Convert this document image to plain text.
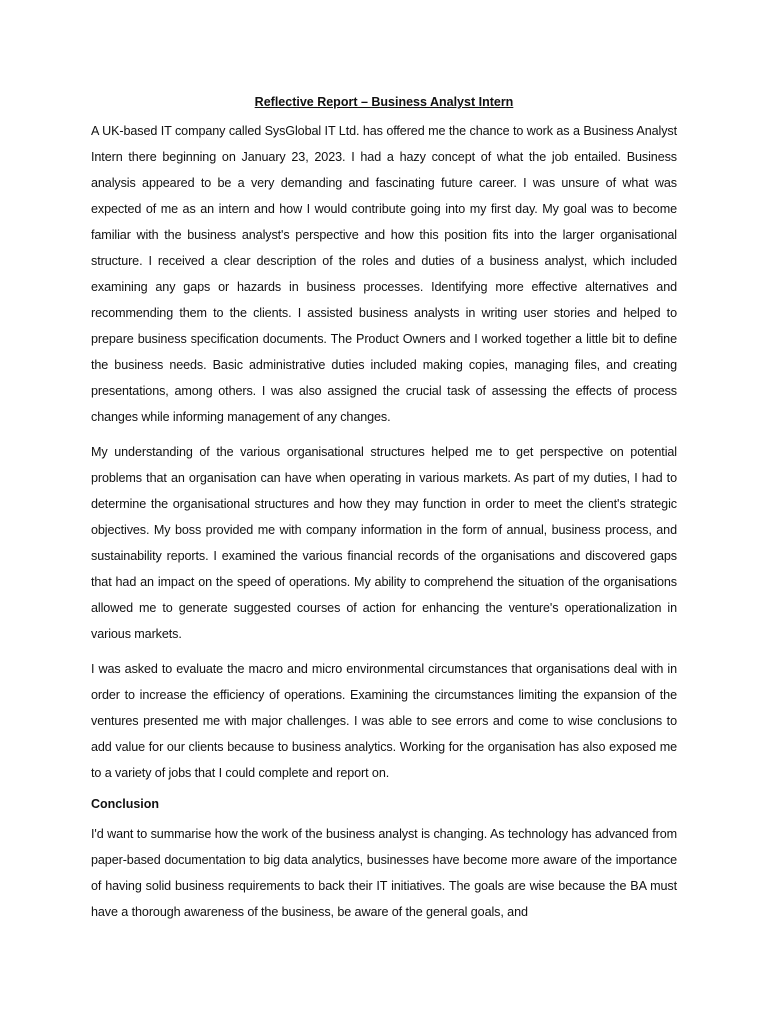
Reflective Report – Business Analyst Intern

A UK-based IT company called SysGlobal IT Ltd. has offered me the chance to work as a Business Analyst Intern there beginning on January 23, 2023. I had a hazy concept of what the job entailed. Business analysis appeared to be a very demanding and fascinating future career. I was unsure of what was expected of me as an intern and how I would contribute going into my first day. My goal was to become familiar with the business analyst's perspective and how this position fits into the larger organisational structure. I received a clear description of the roles and duties of a business analyst, which included examining any gaps or hazards in business processes. Identifying more effective alternatives and recommending them to the clients. I assisted business analysts in writing user stories and helped to prepare business specification documents. The Product Owners and I worked together a little bit to define the business needs. Basic administrative duties included making copies, managing files, and creating presentations, among others. I was also assigned the crucial task of assessing the effects of process changes while informing management of any changes.

My understanding of the various organisational structures helped me to get perspective on potential problems that an organisation can have when operating in various markets. As part of my duties, I had to determine the organisational structures and how they may function in order to meet the client's strategic objectives. My boss provided me with company information in the form of annual, business process, and sustainability reports. I examined the various financial records of the organisations and discovered gaps that had an impact on the speed of operations. My ability to comprehend the situation of the organisations allowed me to generate suggested courses of action for enhancing the venture's operationalization in various markets.

I was asked to evaluate the macro and micro environmental circumstances that organisations deal with in order to increase the efficiency of operations. Examining the circumstances limiting the expansion of the ventures presented me with major challenges. I was able to see errors and come to wise conclusions to add value for our clients because to business analytics. Working for the organisation has also exposed me to a variety of jobs that I could complete and report on.

Conclusion

I'd want to summarise how the work of the business analyst is changing. As technology has advanced from paper-based documentation to big data analytics, businesses have become more aware of the importance of having solid business requirements to back their IT initiatives. The goals are wise because the BA must have a thorough awareness of the business, be aware of the general goals, and
